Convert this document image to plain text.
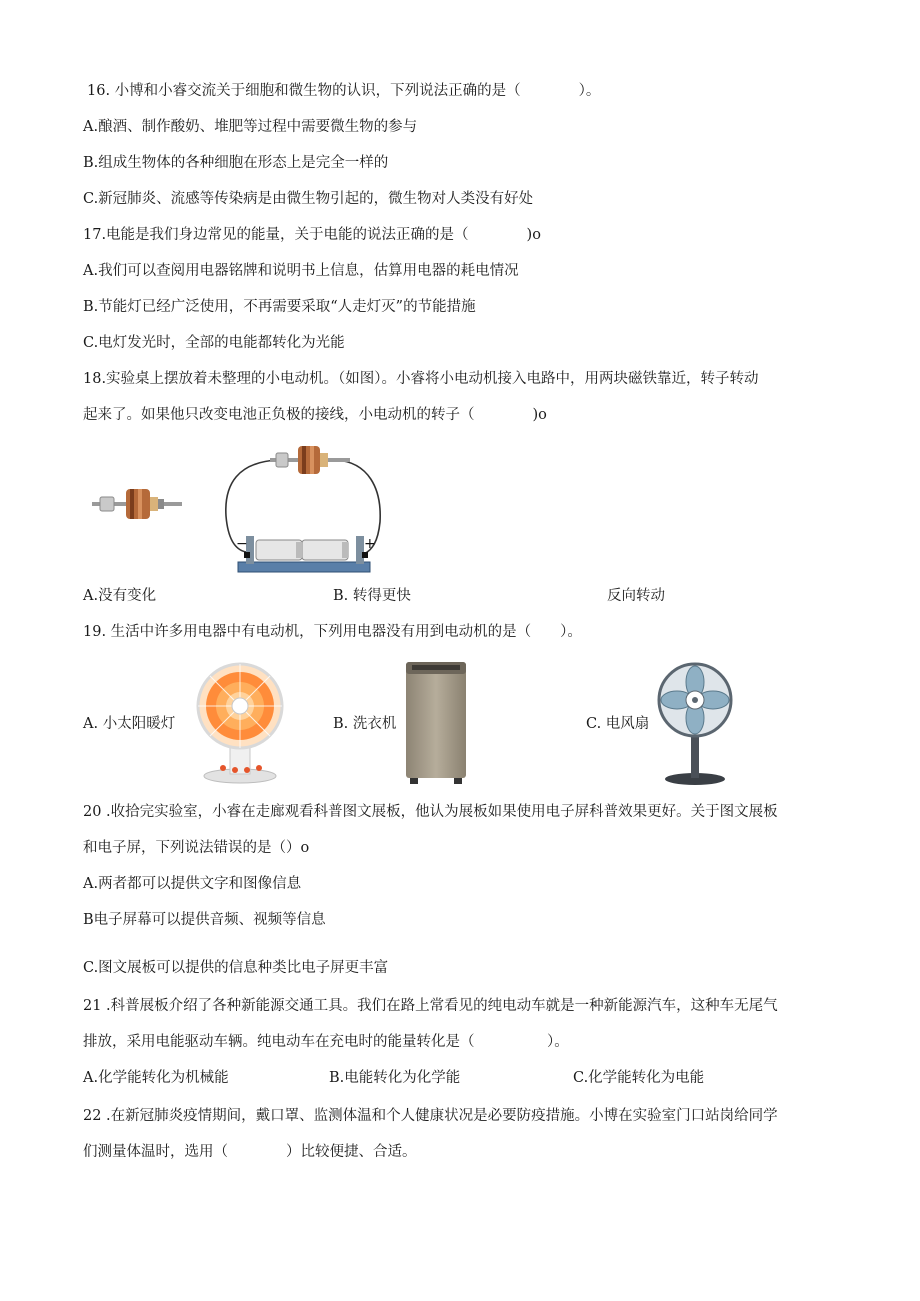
16. 小博和小睿交流关于细胞和微生物的认识，下列说法正确的是（　　　　）。
A.酿酒、制作酸奶、堆肥等过程中需要微生物的参与
B.组成生物体的各种细胞在形态上是完全一样的
C.新冠肺炎、流感等传染病是由微生物引起的，微生物对人类没有好处
17.电能是我们身边常见的能量，关于电能的说法正确的是（　　　　)o
A.我们可以查阅用电器铭牌和说明书上信息，估算用电器的耗电情况
B.节能灯已经广泛使用，不再需要采取“人走灯灭”的节能措施
C.电灯发光时，全部的电能都转化为光能
18.实验桌上摆放着未整理的小电动机。（如图）。小睿将小电动机接入电路中，用两块磁铁靠近，转子转动
起来了。如果他只改变电池正负极的接线，小电动机的转子（　　　　)o
−	+
A.没有变化	B. 转得更快	反向转动
19. 生活中许多用电器中有电动机，下列用电器没有用到电动机的是（　　）。
A. 小太阳暖灯	B. 洗衣机	C. 电风扇
20 .收拾完实验室，小睿在走廊观看科普图文展板，他认为展板如果使用电子屏科普效果更好。关于图文展板
和电子屏，下列说法错误的是（）o
A.两者都可以提供文字和图像信息
B电子屏幕可以提供音频、视频等信息
C.图文展板可以提供的信息种类比电子屏更丰富
21 .科普展板介绍了各种新能源交通工具。我们在路上常看见的纯电动车就是一种新能源汽车，这种车无尾气
排放，采用电能驱动车辆。纯电动车在充电时的能量转化是（　　　　　）。
A.化学能转化为机械能	B.电能转化为化学能	C.化学能转化为电能
22 .在新冠肺炎疫情期间，戴口罩、监测体温和个人健康状况是必要防疫措施。小博在实验室门口站岗给同学
们测量体温时，选用（　　　　）比较便捷、合适。
